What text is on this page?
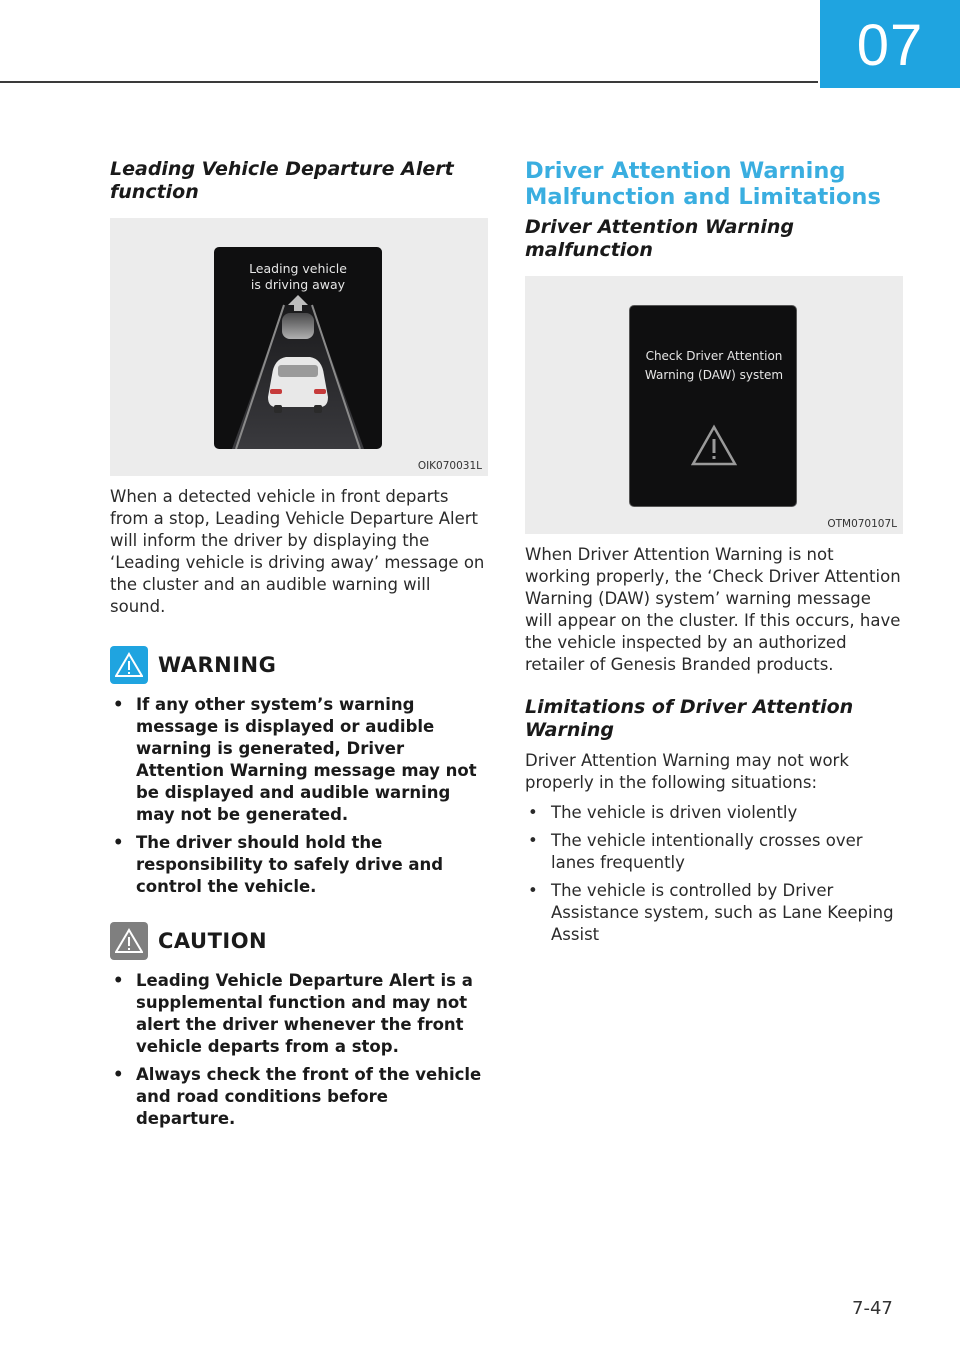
07
Leading Vehicle Departure Alert function
Leading vehicle
is driving away
OIK070031L

When a detected vehicle in front departs from a stop, Leading Vehicle Departure Alert will inform the driver by displaying the ‘Leading vehicle is driving away’ message on the cluster and an audible warning will sound.

WARNING
• If any other system’s warning message is displayed or audible warning is generated, Driver Attention Warning message may not be displayed and audible warning may not be generated.
• The driver should hold the responsibility to safely drive and control the vehicle.
CAUTION
• Leading Vehicle Departure Alert is a supplemental function and may not alert the driver whenever the front vehicle departs from a stop.
• Always check the front of the vehicle and road conditions before departure.
Driver Attention Warning Malfunction and Limitations
Driver Attention Warning malfunction
Check Driver Attention
Warning (DAW) system
OTM070107L

When Driver Attention Warning is not working properly, the ‘Check Driver Attention Warning (DAW) system’ warning message will appear on the cluster. If this occurs, have the vehicle inspected by an authorized retailer of Genesis Branded products.

Limitations of Driver Attention Warning

Driver Attention Warning may not work properly in the following situations:

• The vehicle is driven violently
• The vehicle intentionally crosses over lanes frequently
• The vehicle is controlled by Driver Assistance system, such as Lane Keeping Assist
7-47
